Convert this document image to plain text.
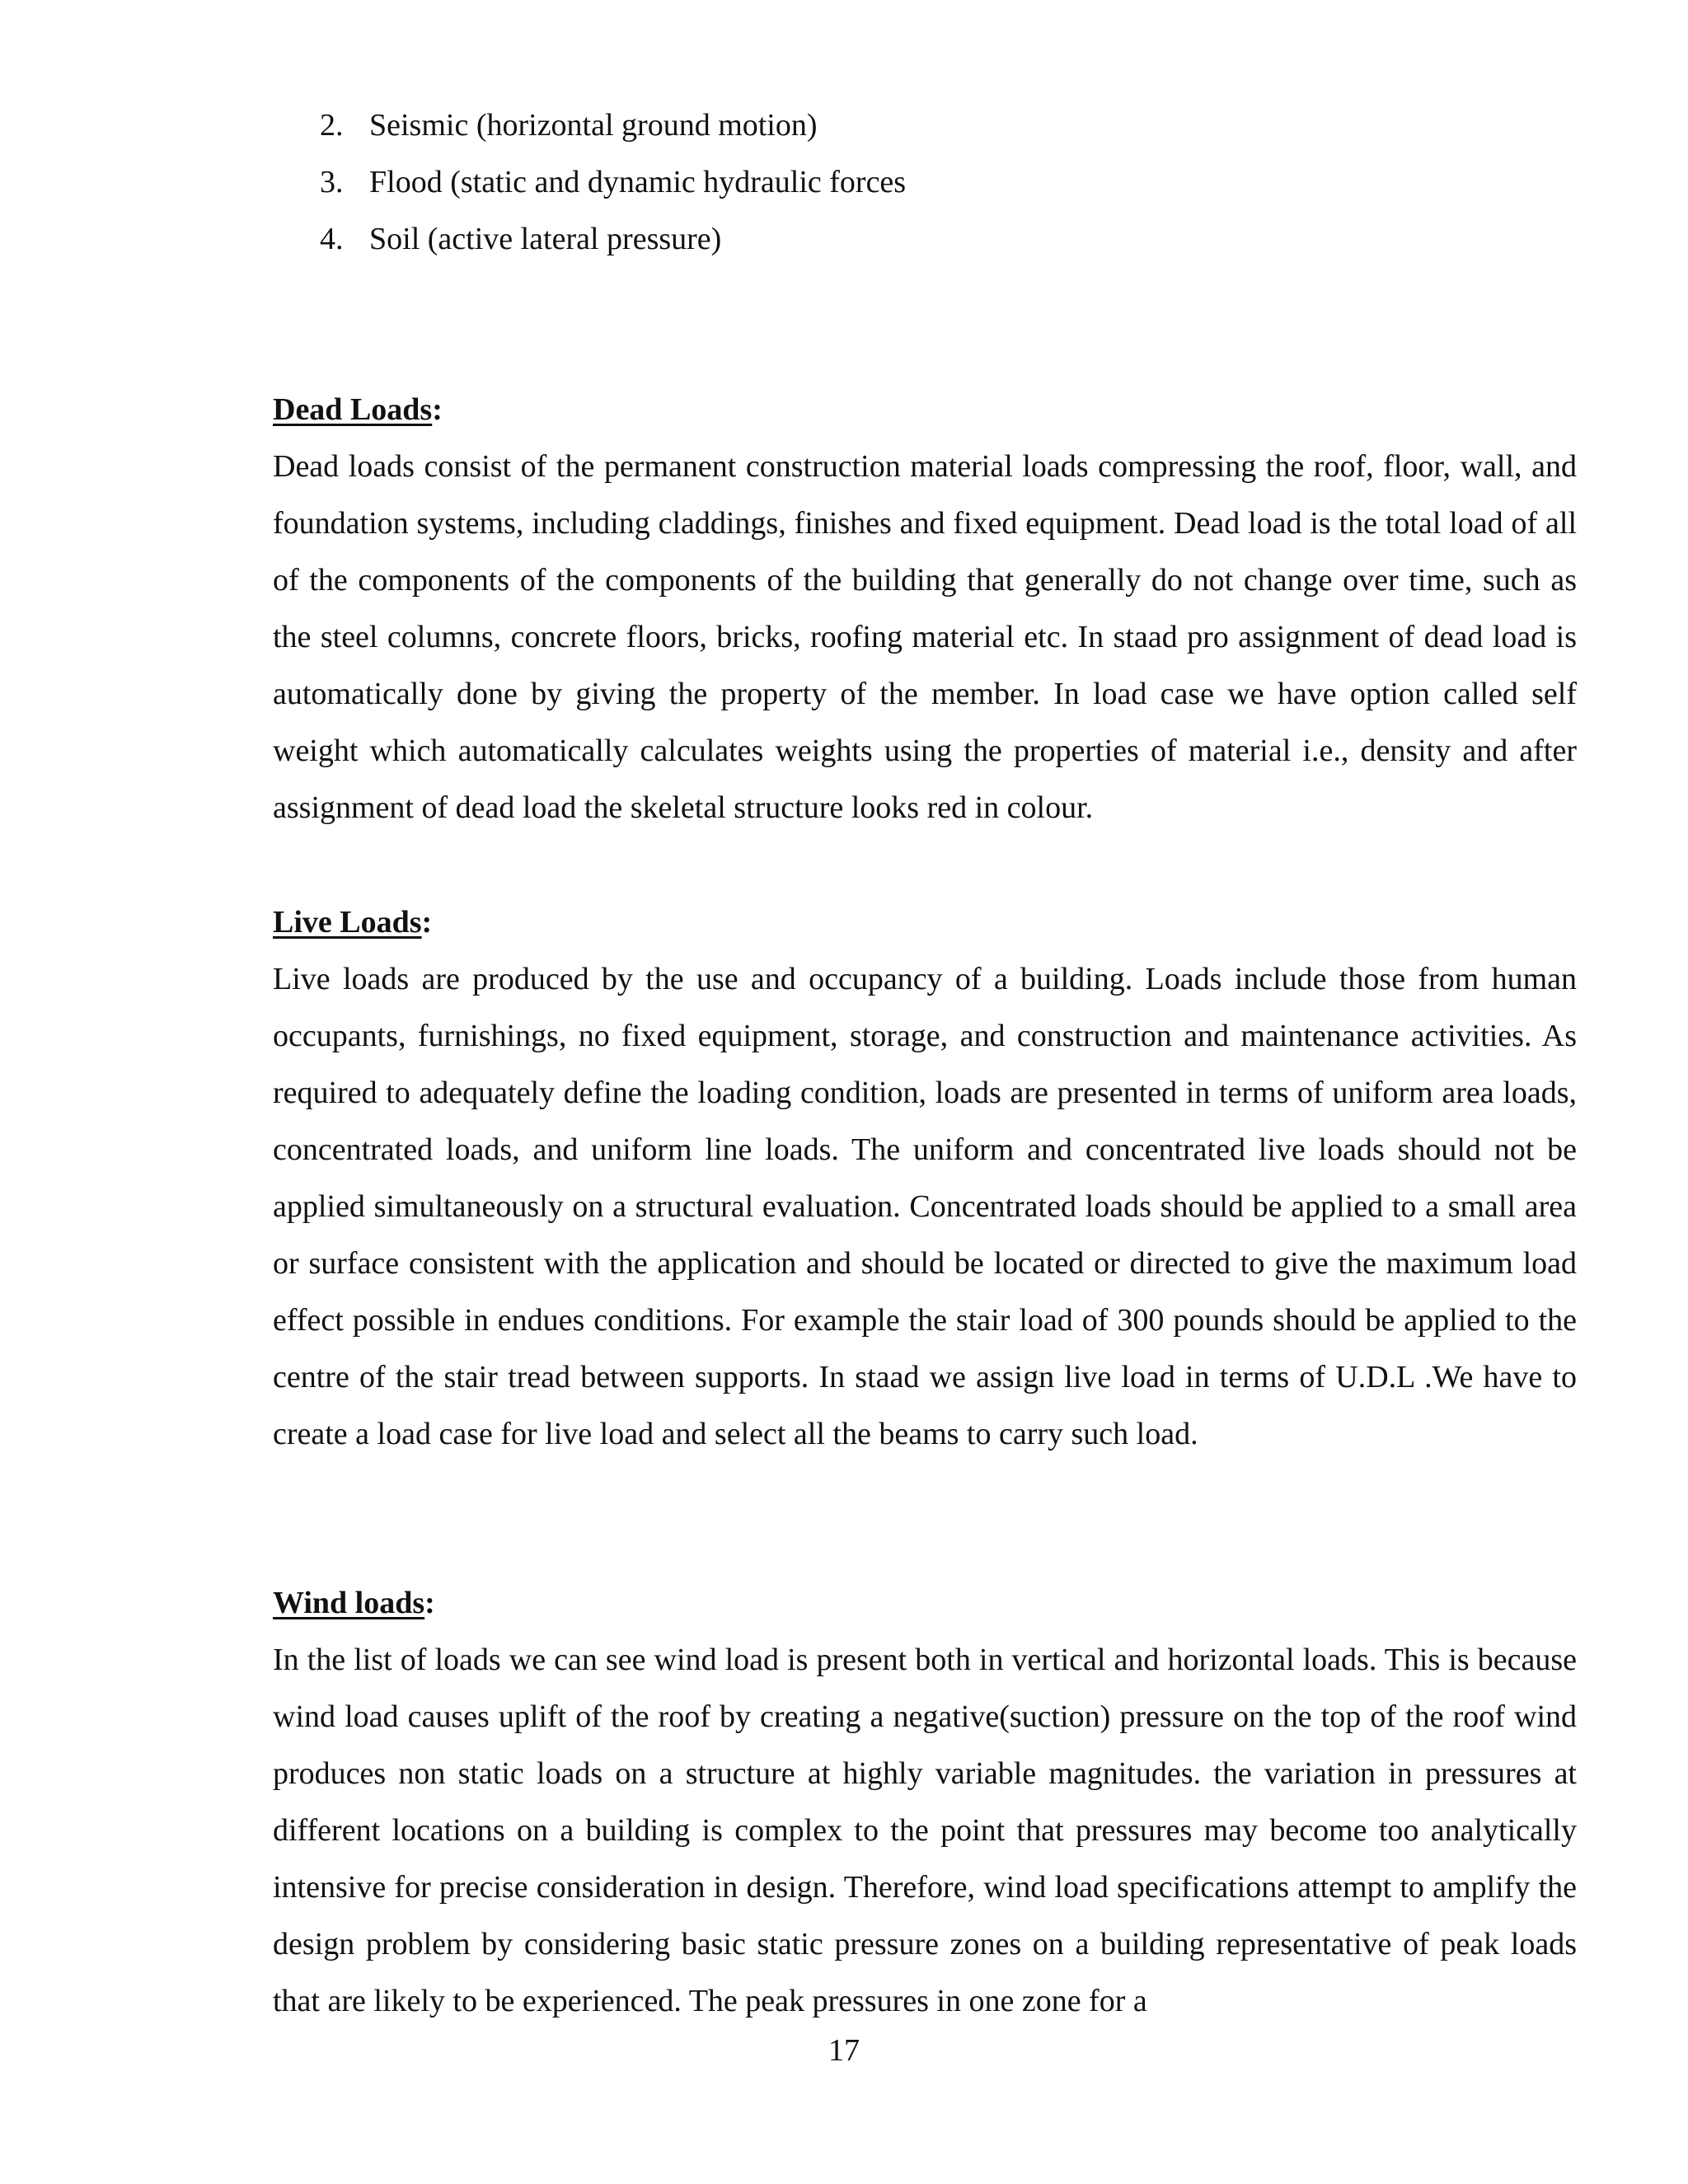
2. Seismic (horizontal ground motion)
3. Flood (static and dynamic hydraulic forces
4. Soil (active lateral pressure)
Dead Loads:

Dead loads consist of the permanent construction material loads compressing the roof, floor, wall, and foundation systems, including claddings, finishes and fixed equipment. Dead load is the total load of all of the components of the components of the building that generally do not change over time, such as the steel columns, concrete floors, bricks, roofing material etc. In staad pro assignment of dead load is automatically done by giving the property of the member. In load case we have option called self weight which automatically calculates weights using the properties of material i.e., density and after assignment of dead load the skeletal structure looks red in colour.

Live Loads:

Live loads are produced by the use and occupancy of a building. Loads include those from human occupants, furnishings, no fixed equipment, storage, and construction and maintenance activities. As required to adequately define the loading condition, loads are presented in terms of uniform area loads, concentrated loads, and uniform line loads. The uniform and concentrated live loads should not be applied simultaneously on a structural evaluation. Concentrated loads should be applied to a small area or surface consistent with the application and should be located or directed to give the maximum load effect possible in endues conditions. For example the stair load of 300 pounds should be applied to the centre of the stair tread between supports. In staad we assign live load in terms of U.D.L .We have to create a load case for live load and select all the beams to carry such load.

Wind loads:

In the list of loads we can see wind load is present both in vertical and horizontal loads. This is because wind load causes uplift of the roof by creating a negative(suction) pressure on the top of the roof wind produces non static loads on a structure at highly variable magnitudes. the variation in pressures at different locations on a building is complex to the point that pressures may become too analytically intensive for precise consideration in design. Therefore, wind load specifications attempt to amplify the design problem by considering basic static pressure zones on a building representative of peak loads that are likely to be experienced. The peak pressures in one zone for a

17
